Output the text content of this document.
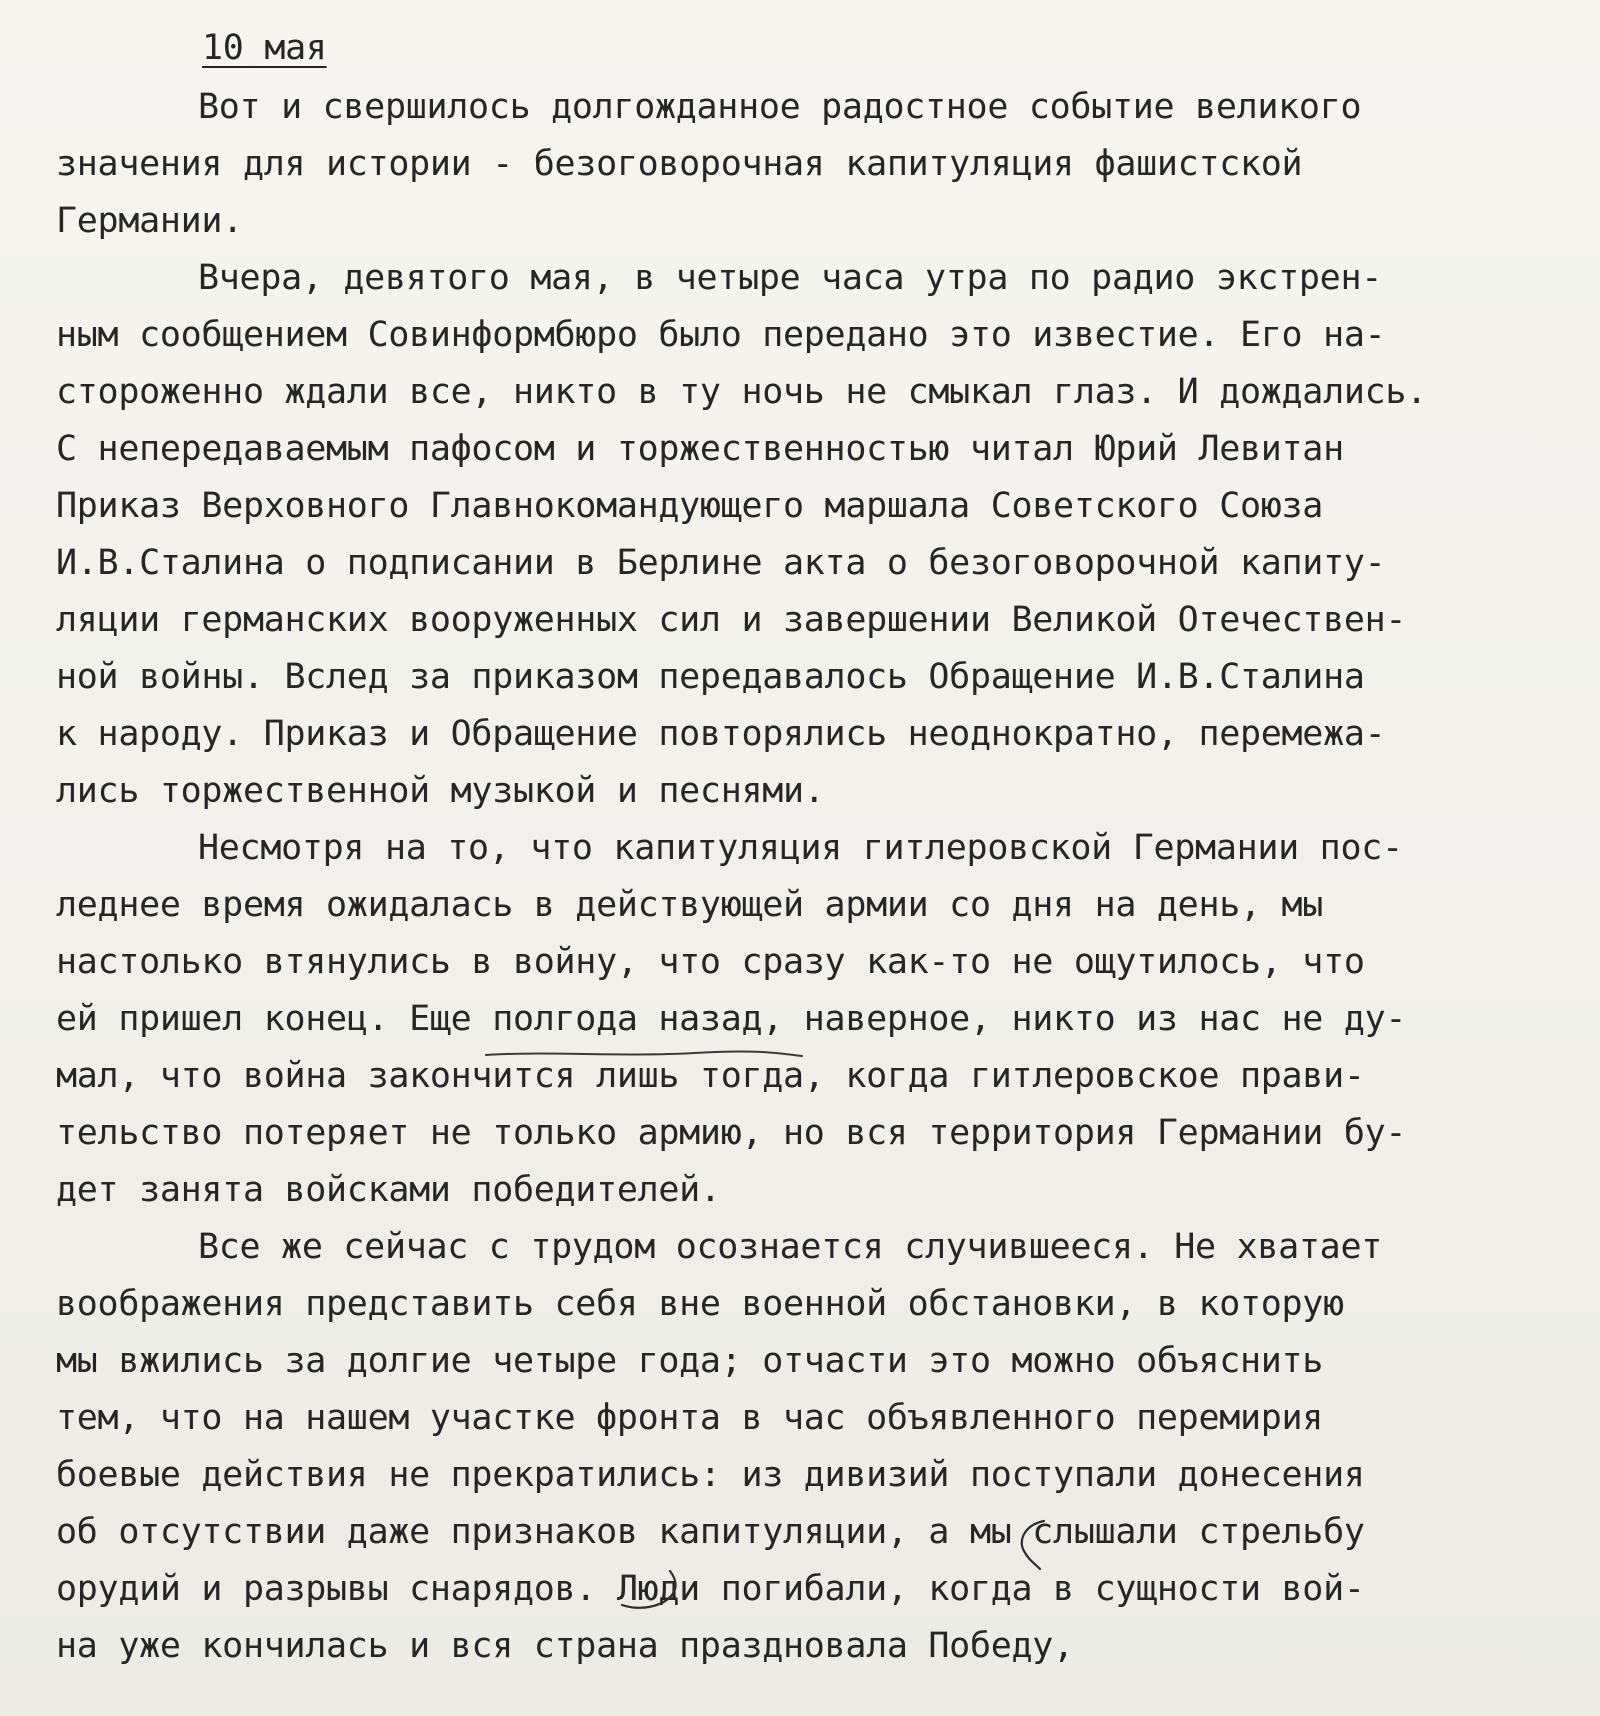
10 мая
Вот и свершилось долгожданное радостное событие великого
значения для истории - безоговорочная капитуляция фашистской
Германии.
Вчера, девятого мая, в четыре часа утра по радио экстрен-
ным сообщением Совинформбюро было передано это известие. Его на-
стороженно ждали все, никто в ту ночь не смыкал глаз. И дождались.
С непередаваемым пафосом и торжественностью читал Юрий Левитан
Приказ Верховного Главнокомандующего маршала Советского Союза
И.В.Сталина о подписании в Берлине акта о безоговорочной капиту-
ляции германских вооруженных сил и завершении Великой Отечествен-
ной войны. Вслед за приказом передавалось Обращение И.В.Сталина
к народу. Приказ и Обращение повторялись неоднократно, перемежа-
лись торжественной музыкой и песнями.
Несмотря на то, что капитуляция гитлеровской Германии пос-
леднее время ожидалась в действующей армии со дня на день, мы
настолько втянулись в войну, что сразу как-то не ощутилось, что
ей пришел конец. Еще полгода назад, наверное, никто из нас не ду-
мал, что война закончится лишь тогда, когда гитлеровское прави-
тельство потеряет не только армию, но вся территория Германии бу-
дет занята войсками победителей.
Все же сейчас с трудом осознается случившееся. Не хватает
воображения представить себя вне военной обстановки, в которую
мы вжились за долгие четыре года; отчасти это можно объяснить
тем, что на нашем участке фронта в час объявленного перемирия
боевые действия не прекратились: из дивизий поступали донесения
об отсутствии даже признаков капитуляции, а мы слышали стрельбу
орудий и разрывы снарядов. Люди погибали, когда в сущности вой-
на уже кончилась и вся страна праздновала Победу,
